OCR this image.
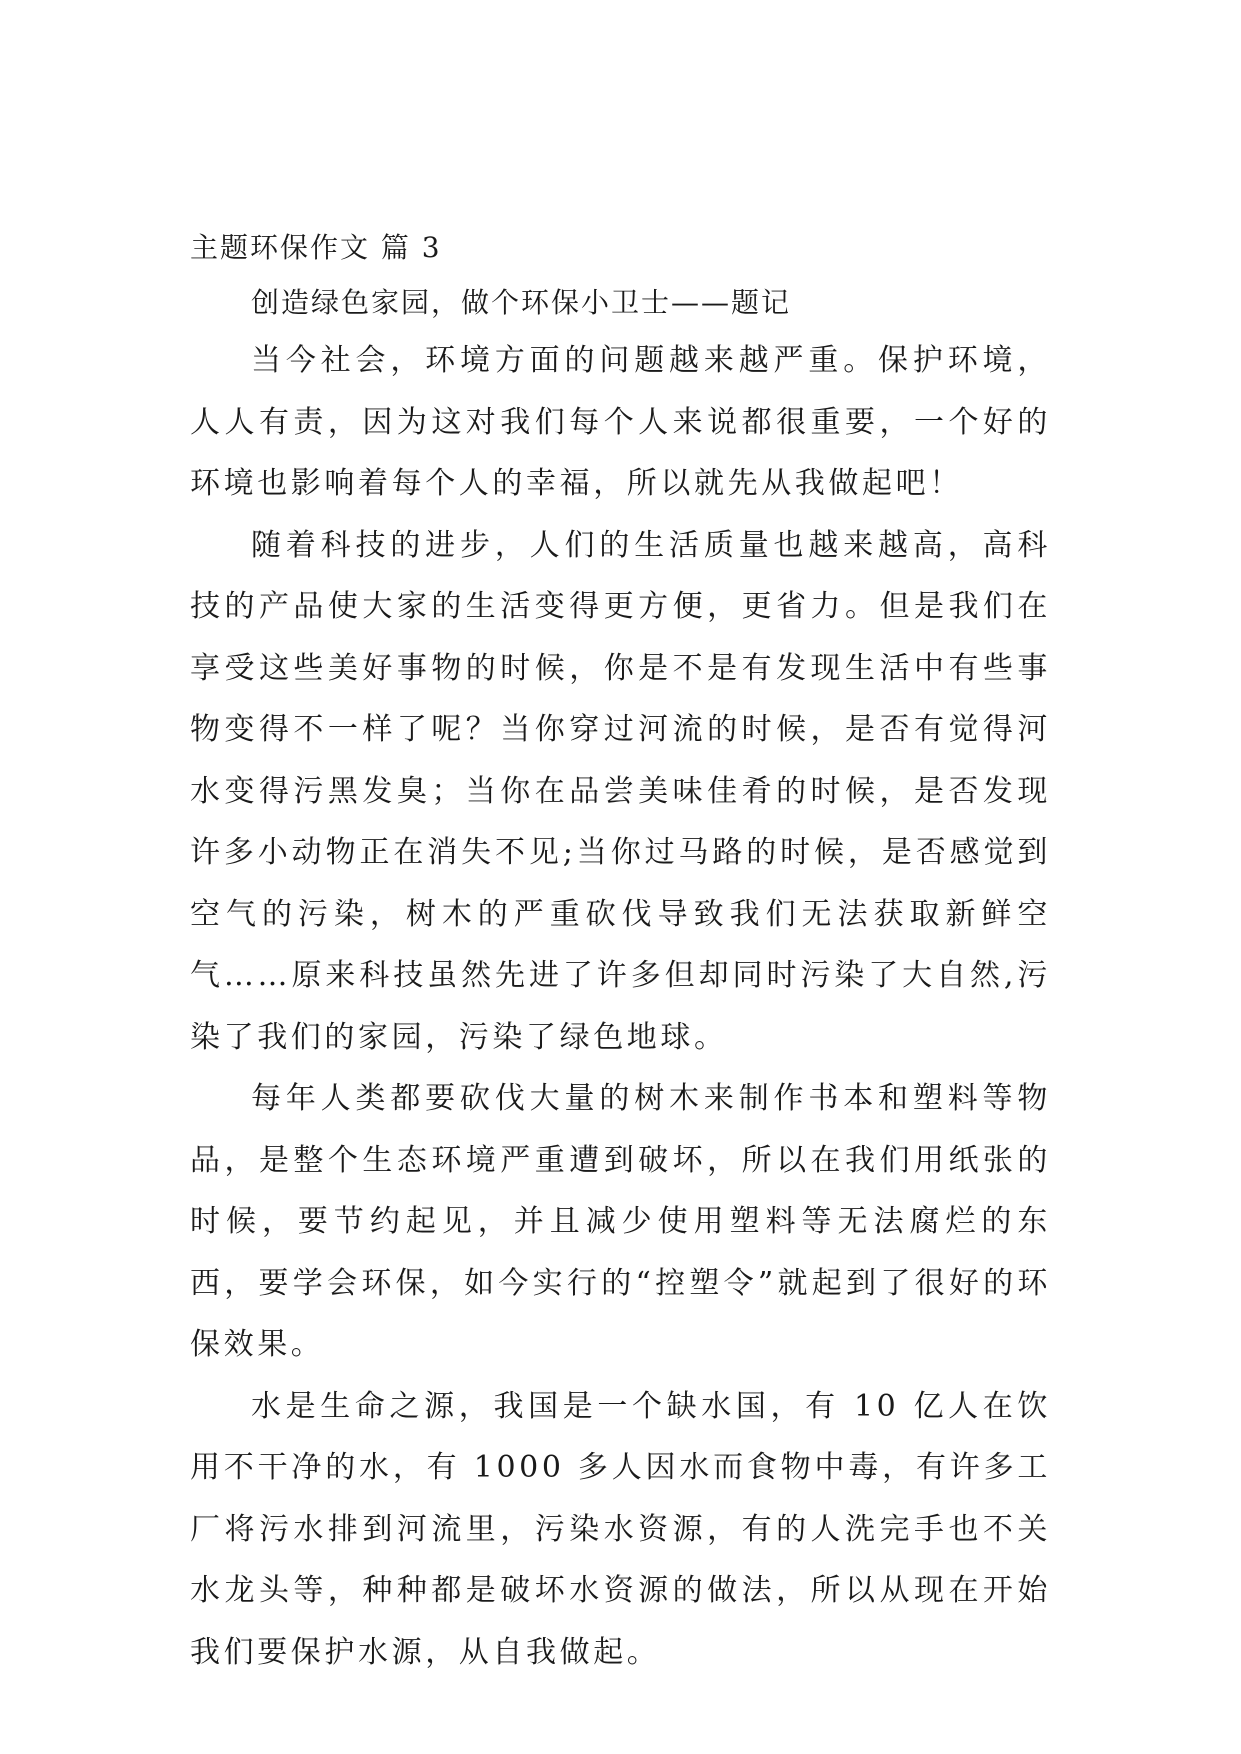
主题环保作文 篇 3

创造绿色家园，做个环保小卫士——题记

当今社会，环境方面的问题越来越严重。保护环境，人人有责，因为这对我们每个人来说都很重要，一个好的环境也影响着每个人的幸福，所以就先从我做起吧！

随着科技的进步，人们的生活质量也越来越高，高科技的产品使大家的生活变得更方便，更省力。但是我们在享受这些美好事物的时候，你是不是有发现生活中有些事物变得不一样了呢？当你穿过河流的时候，是否有觉得河水变得污黑发臭；当你在品尝美味佳肴的时候，是否发现许多小动物正在消失不见;当你过马路的时候，是否感觉到空气的污染，树木的严重砍伐导致我们无法获取新鲜空气……原来科技虽然先进了许多但却同时污染了大自然,污染了我们的家园，污染了绿色地球。

每年人类都要砍伐大量的树木来制作书本和塑料等物品，是整个生态环境严重遭到破坏，所以在我们用纸张的时候，要节约起见，并且减少使用塑料等无法腐烂的东西，要学会环保，如今实行的“控塑令”就起到了很好的环保效果。

水是生命之源，我国是一个缺水国，有 10 亿人在饮用不干净的水，有 1000 多人因水而食物中毒，有许多工厂将污水排到河流里，污染水资源，有的人洗完手也不关水龙头等，种种都是破坏水资源的做法，所以从现在开始我们要保护水源，从自我做起。
